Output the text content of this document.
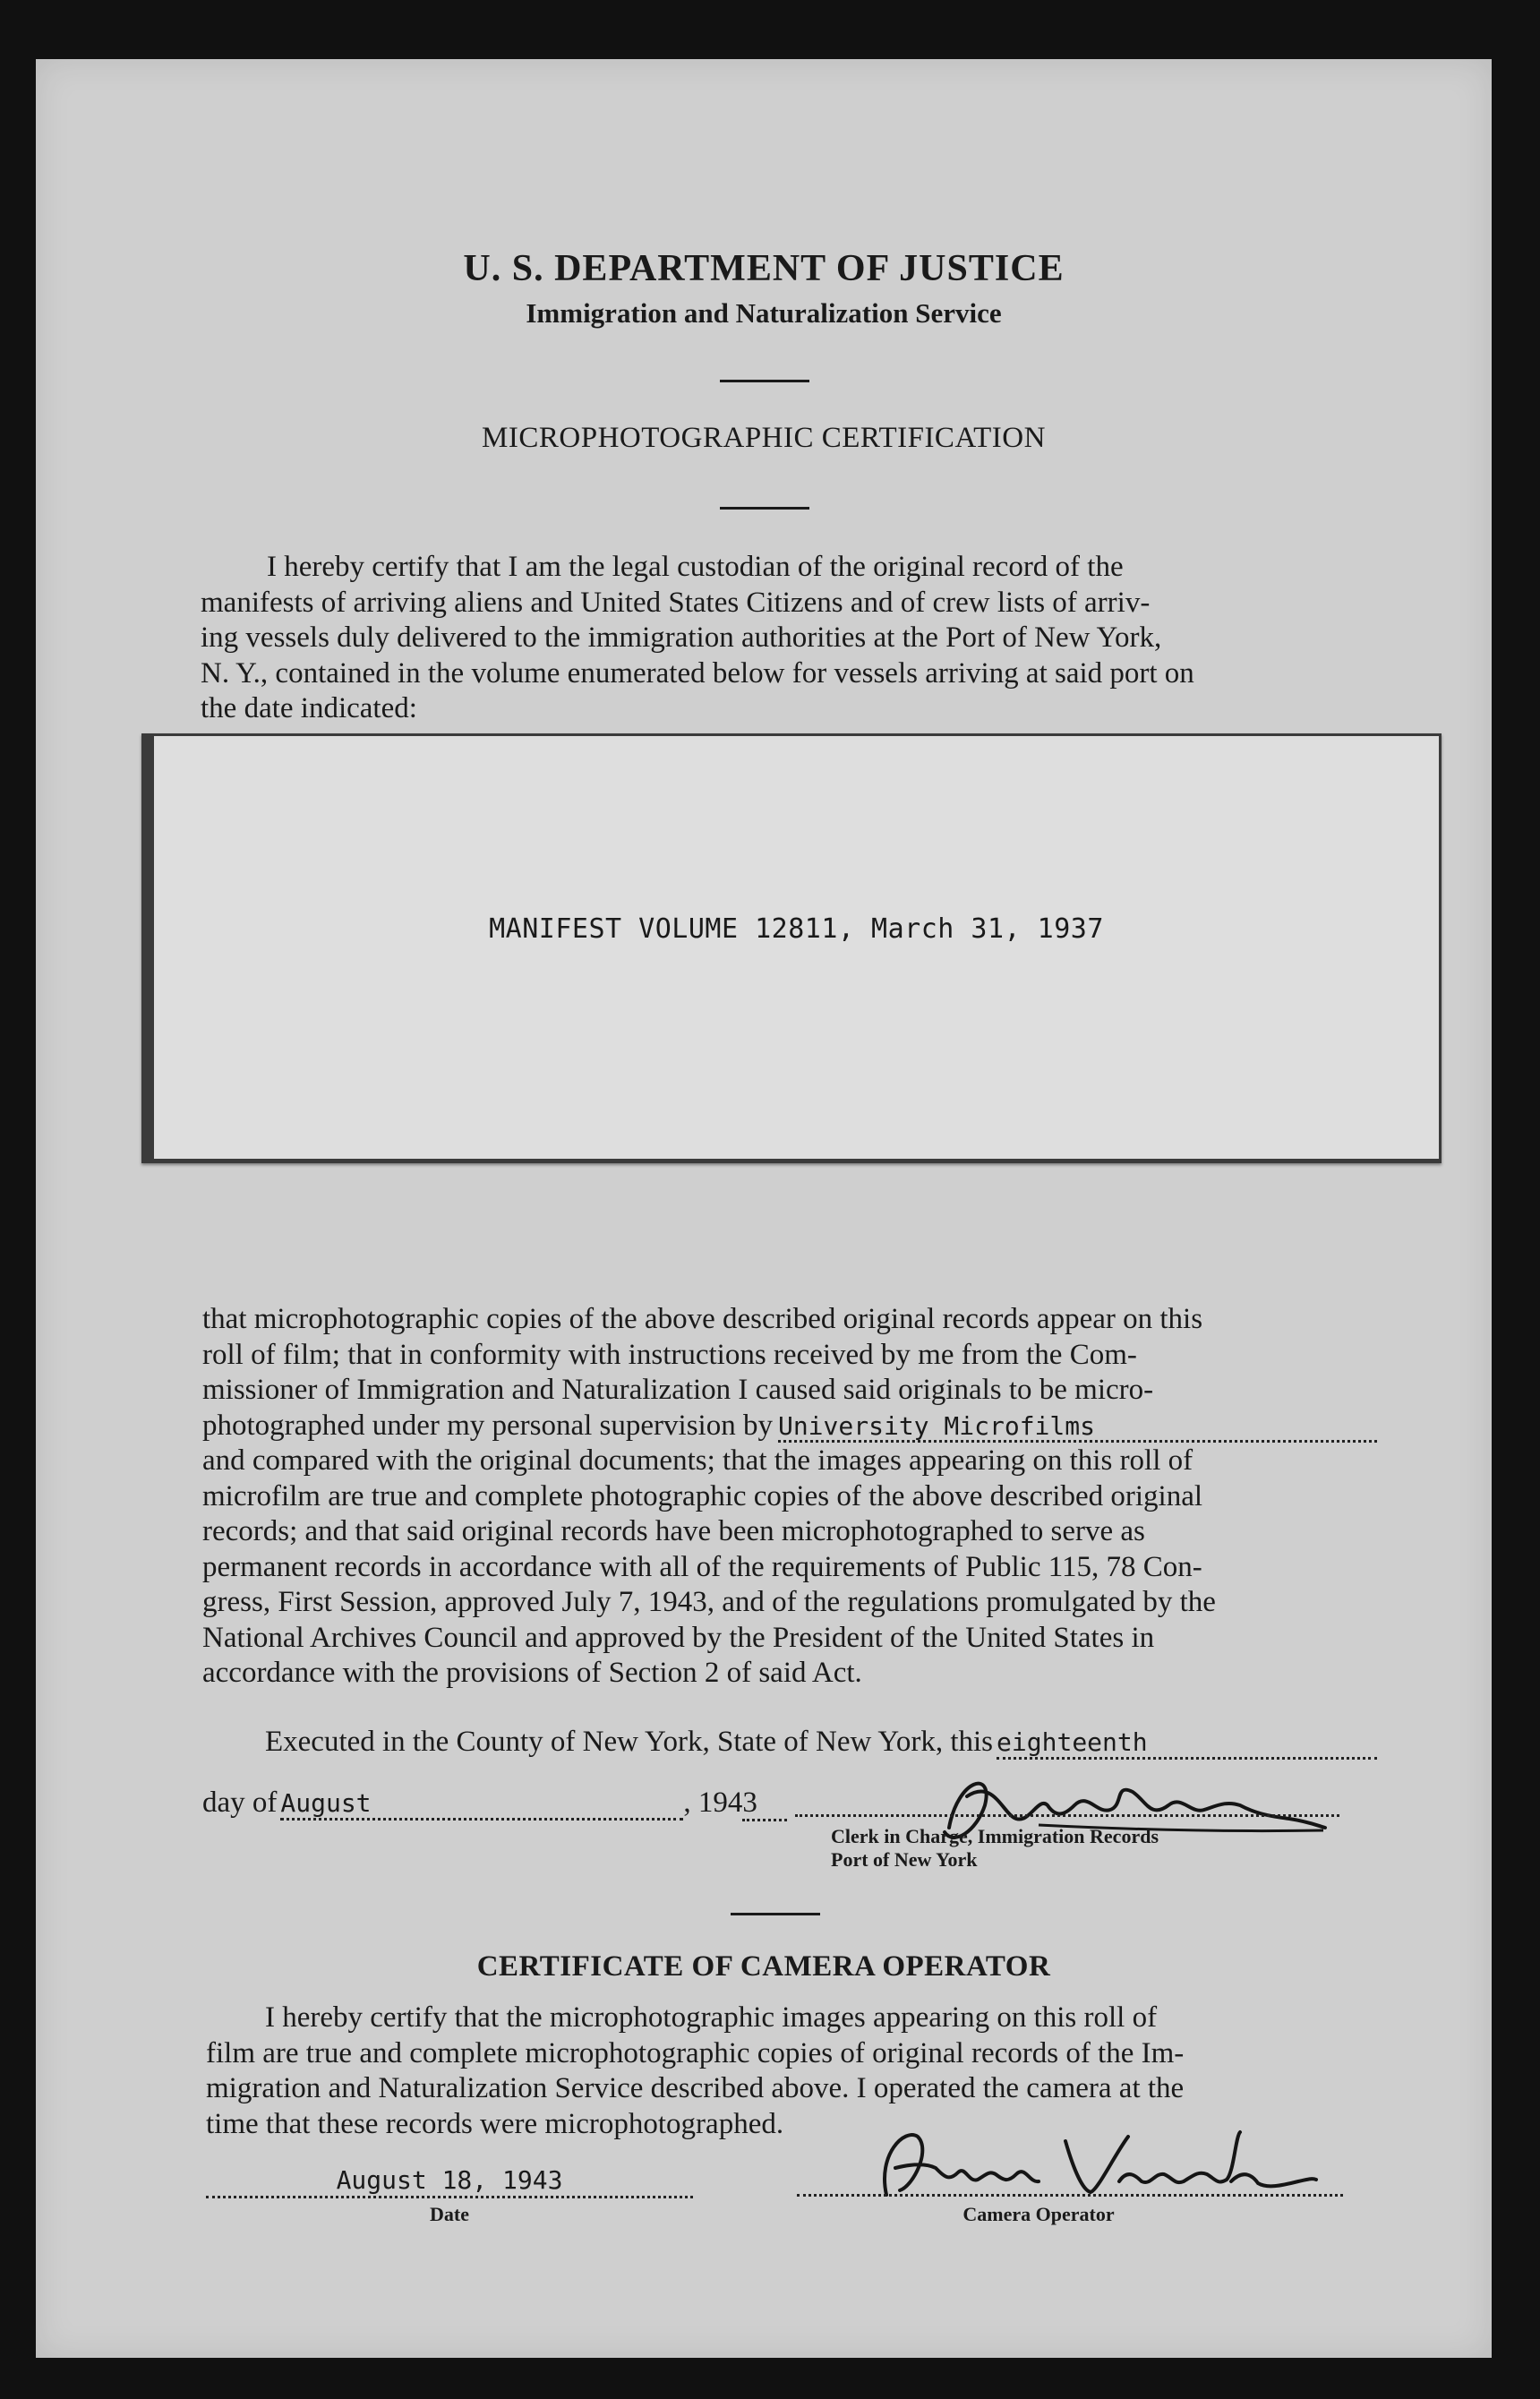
U. S. DEPARTMENT OF JUSTICE
Immigration and Naturalization Service
MICROPHOTOGRAPHIC CERTIFICATION
I hereby certify that I am the legal custodian of the original record of the
manifests of arriving aliens and United States Citizens and of crew lists of arriv-
ing vessels duly delivered to the immigration authorities at the Port of New York,
N. Y., contained in the volume enumerated below for vessels arriving at said port on
the date indicated:
MANIFEST VOLUME 12811, March 31, 1937
that microphotographic copies of the above described original records appear on this
roll of film; that in conformity with instructions received by me from the Com-
missioner of Immigration and Naturalization I caused said originals to be micro-
photographed under my personal supervision by University Microfilms
and compared with the original documents; that the images appearing on this roll of
microfilm are true and complete photographic copies of the above described original
records; and that said original records have been microphotographed to serve as
permanent records in accordance with all of the requirements of Public 115, 78 Con-
gress, First Session, approved July 7, 1943, and of the regulations promulgated by the
National Archives Council and approved by the President of the United States in
accordance with the provisions of Section 2 of said Act.
Executed in the County of New York, State of New York, this eighteenth
day of August	, 194 3
Clerk in Charge, Immigration Records
Port of New York
CERTIFICATE OF CAMERA OPERATOR
I hereby certify that the microphotographic images appearing on this roll of
film are true and complete microphotographic copies of original records of the Im-
migration and Naturalization Service described above. I operated the camera at the
time that these records were microphotographed.
August 18, 1943
Date	Camera Operator
